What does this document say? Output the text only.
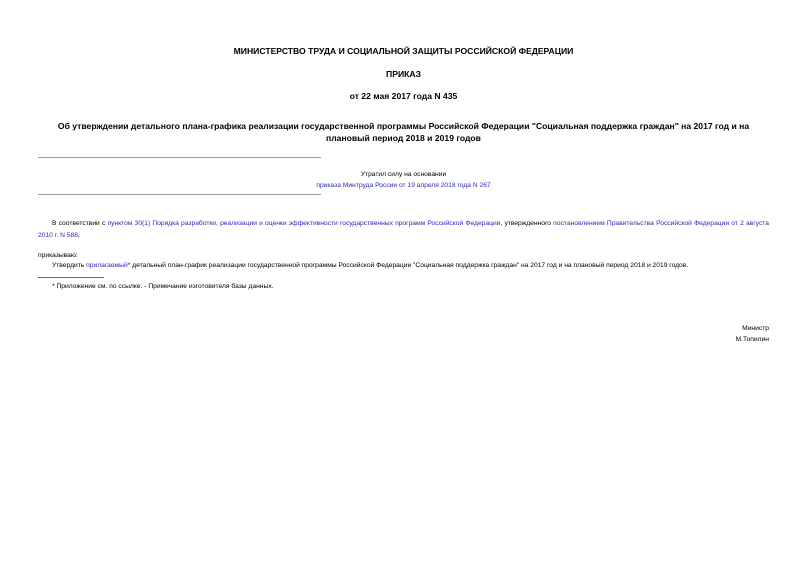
МИНИСТЕРСТВО ТРУДА И СОЦИАЛЬНОЙ ЗАЩИТЫ РОССИЙСКОЙ ФЕДЕРАЦИИ
ПРИКАЗ
от 22 мая 2017 года N 435
Об утверждении детального плана-графика реализации государственной программы Российской Федерации "Социальная поддержка граждан" на 2017 год и на плановый период 2018 и 2019 годов
Утратил силу на основании
приказа Минтруда России от 19 апреля 2018 года N 267
В соответствии с пунктом 30(1) Порядка разработки, реализации и оценки эффективности государственных программ Российской Федерации, утвержденного постановлением Правительства Российской Федерации от 2 августа 2010 г. N 588,
приказываю:
Утвердить прилагаемый* детальный план-график реализации государственной программы Российской Федерации "Социальная поддержка граждан" на 2017 год и на плановый период 2018 и 2019 годов.
* Приложение см. по ссылке. - Примечание изготовителя базы данных.
Министр
М.Топилин
